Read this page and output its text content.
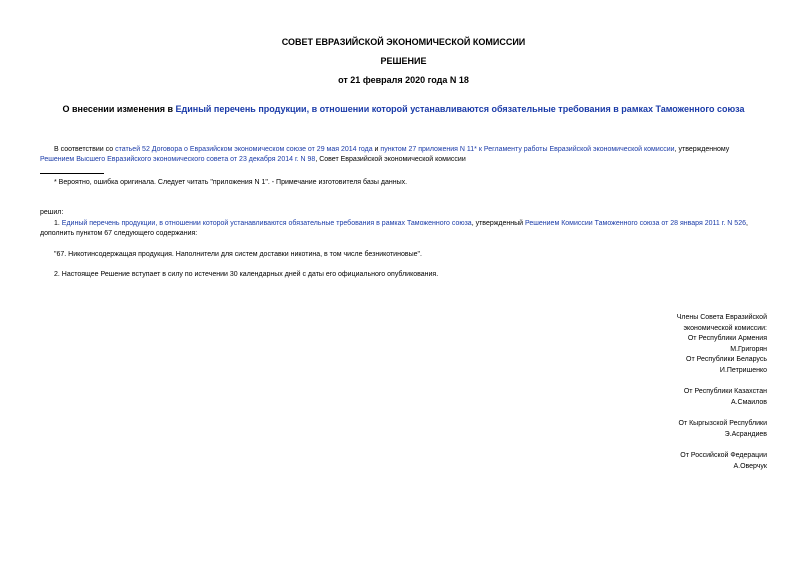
СОВЕТ ЕВРАЗИЙСКОЙ ЭКОНОМИЧЕСКОЙ КОМИССИИ
РЕШЕНИЕ
от 21 февраля 2020 года N 18
О внесении изменения в Единый перечень продукции, в отношении которой устанавливаются обязательные требования в рамках Таможенного союза
В соответствии со статьей 52 Договора о Евразийском экономическом союзе от 29 мая 2014 года и пунктом 27 приложения N 11* к Регламенту работы Евразийской экономической комиссии, утвержденному
Решением Высшего Евразийского экономического совета от 23 декабря 2014 г. N 98, Совет Евразийской экономической комиссии
* Вероятно, ошибка оригинала. Следует читать "приложения N 1". - Примечание изготовителя базы данных.
решил:
1. Единый перечень продукции, в отношении которой устанавливаются обязательные требования в рамках Таможенного союза, утвержденный Решением Комиссии Таможенного союза от 28 января 2011 г. N 526,
дополнить пунктом 67 следующего содержания:
"67. Никотинсодержащая продукция. Наполнители для систем доставки никотина, в том числе безникотиновые".
2. Настоящее Решение вступает в силу по истечении 30 календарных дней с даты его официального опубликования.
Члены Совета Евразийской
экономической комиссии:
От Республики Армения
М.Григорян
От Республики Беларусь
И.Петришенко
От Республики Казахстан
А.Смаилов
От Кыргызской Республики
Э.Асрандиев
От Российской Федерации
А.Оверчук
